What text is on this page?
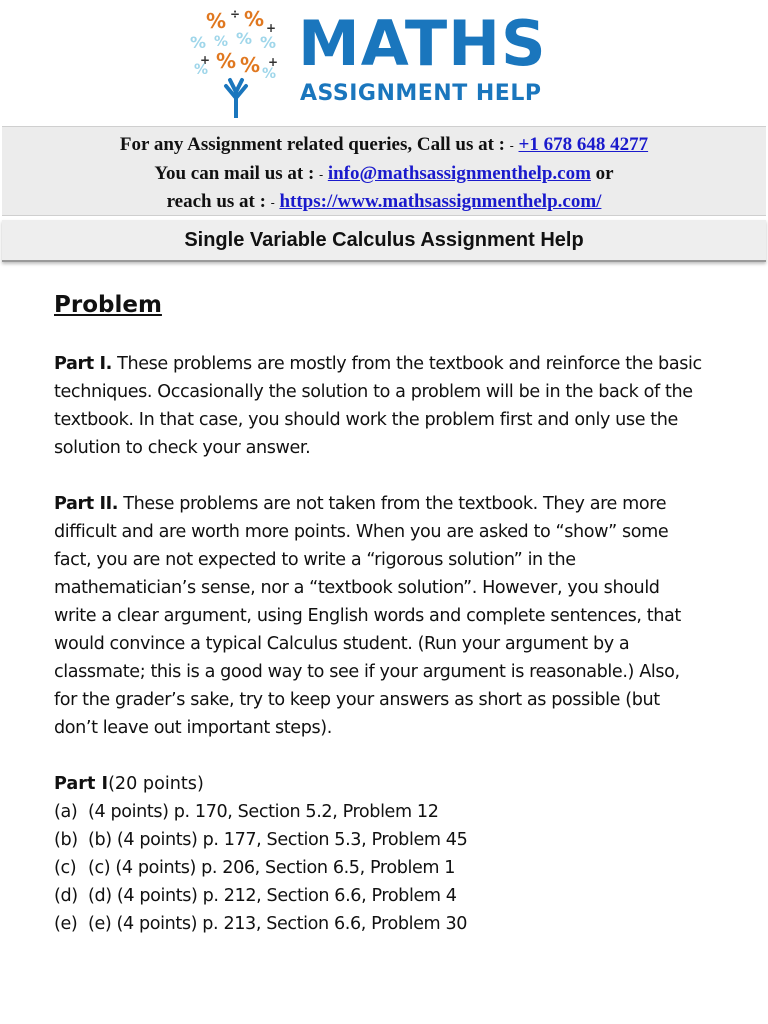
% ÷ % +
% % % %
+ % % +
%	% MATHS
ASSIGNMENT HELP
For any Assignment related queries, Call us at : - +1 678 648 4277
You can mail us at : - info@mathsassignmenthelp.com or
reach us at : - https://www.mathsassignmenthelp.com/
Single Variable Calculus Assignment Help
Problem

Part I. These problems are mostly from the textbook and reinforce the basic techniques. Occasionally the solution to a problem will be in the back of the textbook. In that case, you should work the problem first and only use the solution to check your answer.

Part II. These problems are not taken from the textbook. They are more difficult and are worth more points. When you are asked to “show” some fact, you are not expected to write a “rigorous solution” in the mathematician’s sense, nor a “textbook solution”. However, you should write a clear argument, using English words and complete sentences, that would convince a typical Calculus student. (Run your argument by a classmate; this is a good way to see if your argument is reasonable.) Also, for the grader’s sake, try to keep your answers as short as possible (but don’t leave out important steps).

Part I(20 points)
(a) (4 points) p. 170, Section 5.2, Problem 12
(b) (b) (4 points) p. 177, Section 5.3, Problem 45
(c) (c) (4 points) p. 206, Section 6.5, Problem 1
(d) (d) (4 points) p. 212, Section 6.6, Problem 4
(e) (e) (4 points) p. 213, Section 6.6, Problem 30
